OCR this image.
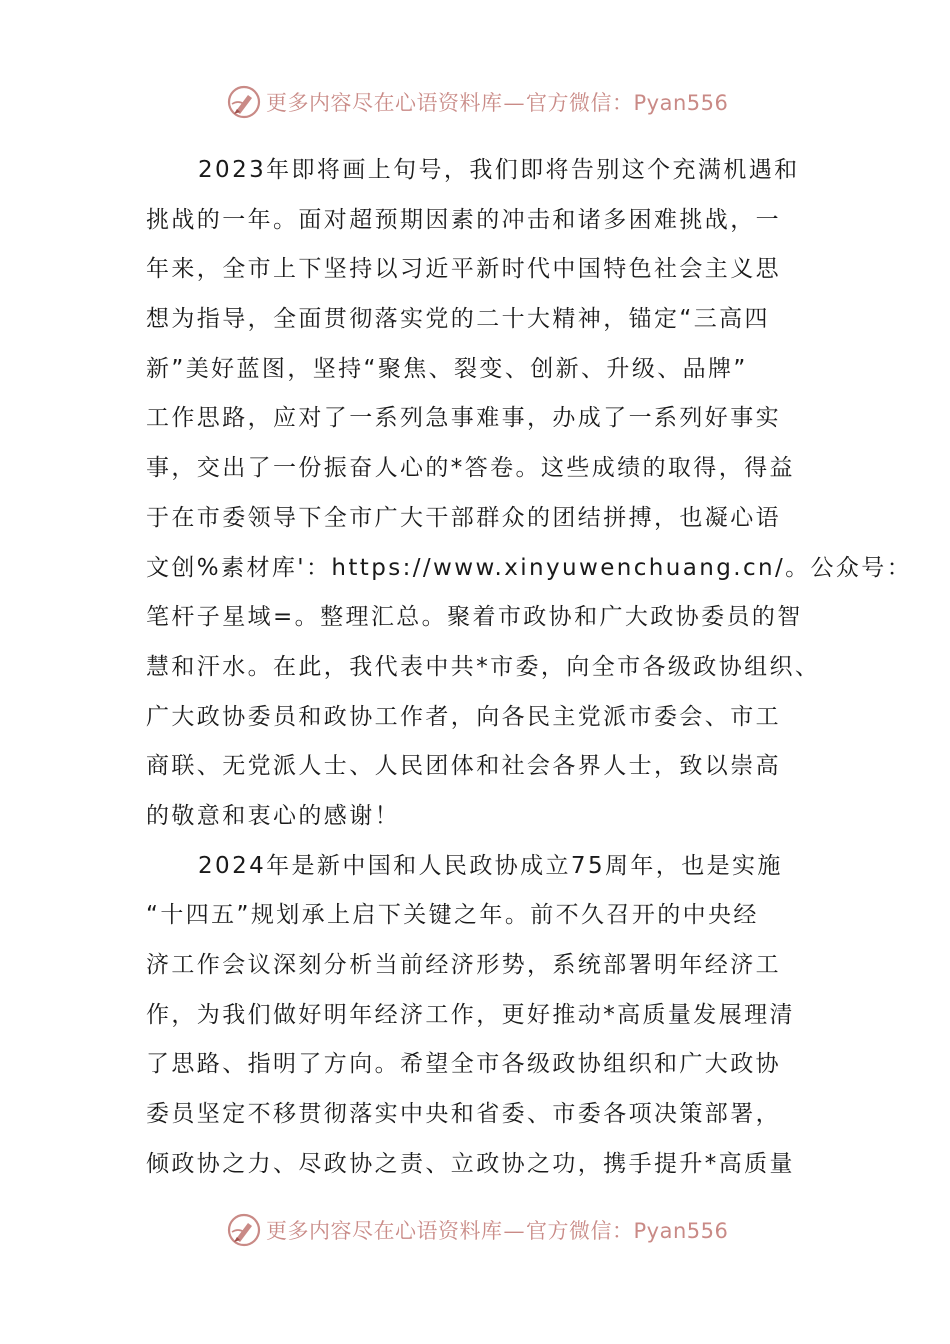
更多内容尽在心语资料库—官方微信：Pyan556
2023年即将画上句号，我们即将告别这个充满机遇和
挑战的一年。面对超预期因素的冲击和诸多困难挑战，一
年来，全市上下坚持以习近平新时代中国特色社会主义思
想为指导，全面贯彻落实党的二十大精神，锚定“三高四
新”美好蓝图，坚持“聚焦、裂变、创新、升级、品牌”
工作思路，应对了一系列急事难事，办成了一系列好事实
事，交出了一份振奋人心的*答卷。这些成绩的取得，得益
于在市委领导下全市广大干部群众的团结拼搏，也凝心语
文创%素材库'：https://www.xinyuwenchuang.cn/。公众号：
笔杆子星域=。整理汇总。聚着市政协和广大政协委员的智
慧和汗水。在此，我代表中共*市委，向全市各级政协组织、
广大政协委员和政协工作者，向各民主党派市委会、市工
商联、无党派人士、人民团体和社会各界人士，致以崇高
的敬意和衷心的感谢！
2024年是新中国和人民政协成立75周年，也是实施
“十四五”规划承上启下关键之年。前不久召开的中央经
济工作会议深刻分析当前经济形势，系统部署明年经济工
作，为我们做好明年经济工作，更好推动*高质量发展理清
了思路、指明了方向。希望全市各级政协组织和广大政协
委员坚定不移贯彻落实中央和省委、市委各项决策部署，
倾政协之力、尽政协之责、立政协之功，携手提升*高质量
更多内容尽在心语资料库—官方微信：Pyan556
